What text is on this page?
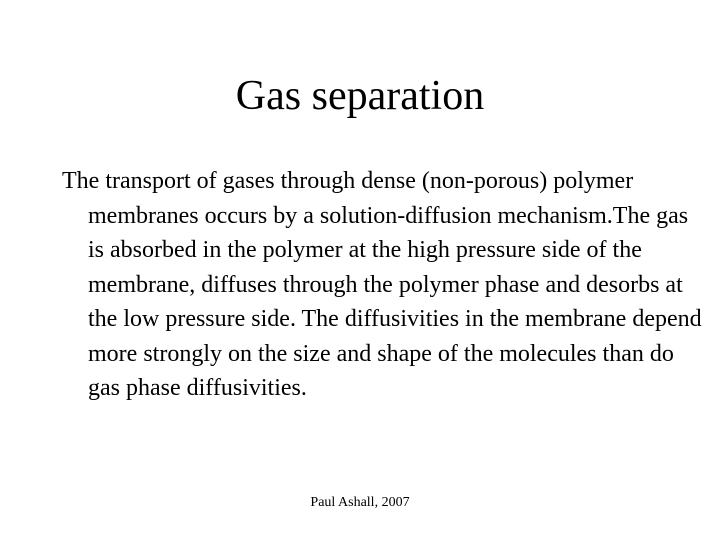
Gas separation

The transport of gases through dense (non-porous) polymer membranes occurs by a solution-diffusion mechanism.The gas is absorbed in the polymer at the high pressure side of the membrane, diffuses through the polymer phase and desorbs at the low pressure side. The diffusivities in the membrane depend more strongly on the size and shape of the molecules than do gas phase diffusivities.

Paul Ashall, 2007
